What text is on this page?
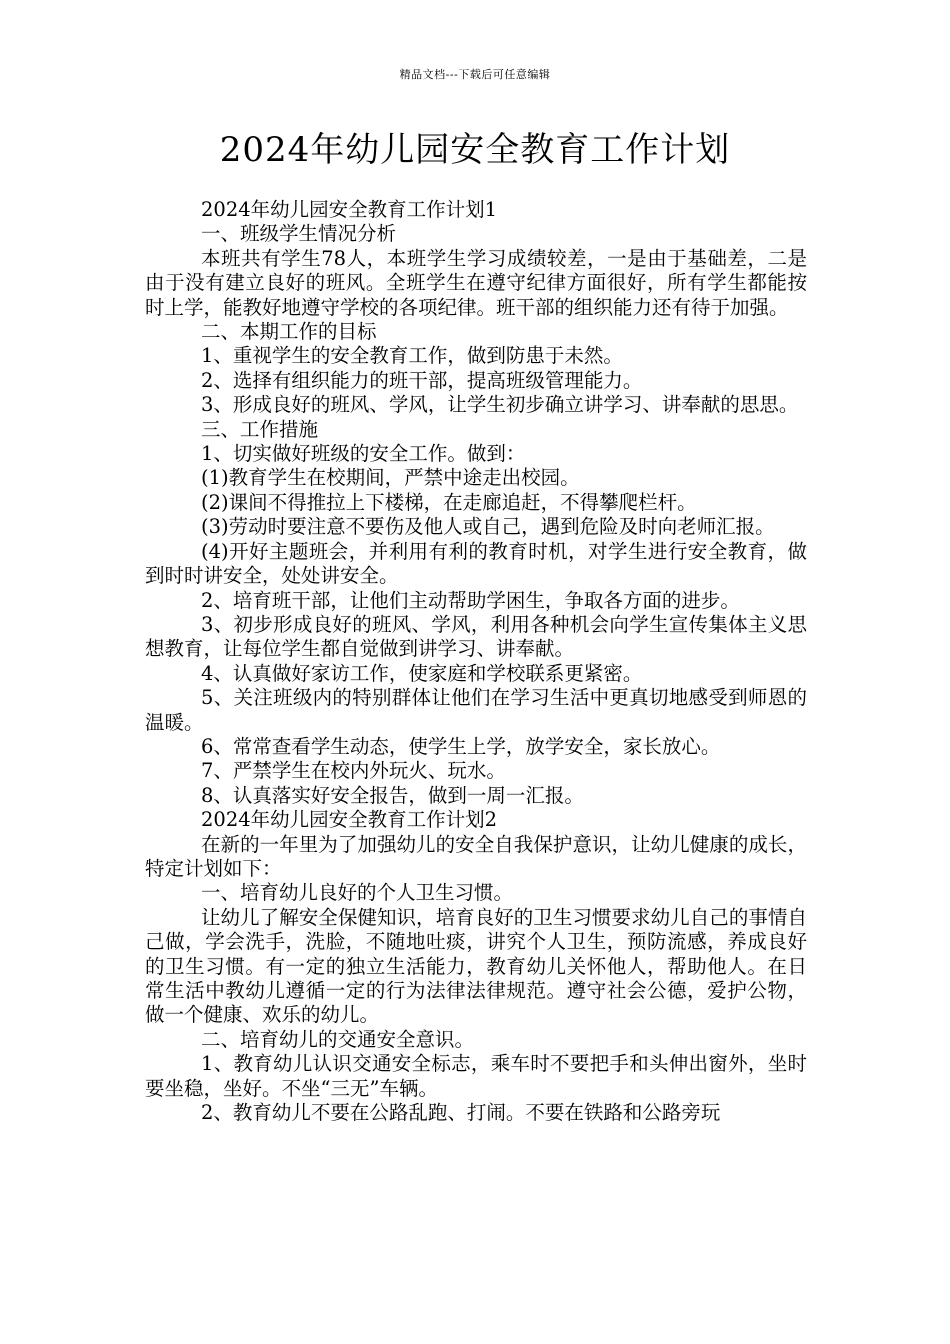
精品文档---下载后可任意编辑
2024年幼儿园安全教育工作计划

2024年幼儿园安全教育工作计划1

一、班级学生情况分析

本班共有学生78人，本班学生学习成绩较差，一是由于基础差，二是由于没有建立良好的班风。全班学生在遵守纪律方面很好，所有学生都能按时上学，能教好地遵守学校的各项纪律。班干部的组织能力还有待于加强。

二、本期工作的目标

1、重视学生的安全教育工作，做到防患于未然。

2、选择有组织能力的班干部，提高班级管理能力。

3、形成良好的班风、学风，让学生初步确立讲学习、讲奉献的思思。

三、工作措施

1、切实做好班级的安全工作。做到：

(1)教育学生在校期间，严禁中途走出校园。

(2)课间不得推拉上下楼梯，在走廊追赶，不得攀爬栏杆。

(3)劳动时要注意不要伤及他人或自己，遇到危险及时向老师汇报。

(4)开好主题班会，并利用有利的教育时机，对学生进行安全教育，做到时时讲安全，处处讲安全。

2、培育班干部，让他们主动帮助学困生，争取各方面的进步。

3、初步形成良好的班风、学风，利用各种机会向学生宣传集体主义思想教育，让每位学生都自觉做到讲学习、讲奉献。

4、认真做好家访工作，使家庭和学校联系更紧密。

5、关注班级内的特别群体让他们在学习生活中更真切地感受到师恩的温暖。

6、常常查看学生动态，使学生上学，放学安全，家长放心。

7、严禁学生在校内外玩火、玩水。

8、认真落实好安全报告，做到一周一汇报。

2024年幼儿园安全教育工作计划2

在新的一年里为了加强幼儿的安全自我保护意识，让幼儿健康的成长，特定计划如下：

一、培育幼儿良好的个人卫生习惯。

让幼儿了解安全保健知识，培育良好的卫生习惯要求幼儿自己的事情自己做，学会洗手，洗脸，不随地吐痰，讲究个人卫生，预防流感，养成良好的卫生习惯。有一定的独立生活能力，教育幼儿关怀他人，帮助他人。在日常生活中教幼儿遵循一定的行为法律法律规范。遵守社会公德，爱护公物，做一个健康、欢乐的幼儿。

二、培育幼儿的交通安全意识。

1、教育幼儿认识交通安全标志，乘车时不要把手和头伸出窗外，坐时要坐稳，坐好。不坐“三无”车辆。

2、教育幼儿不要在公路乱跑、打闹。不要在铁路和公路旁玩
